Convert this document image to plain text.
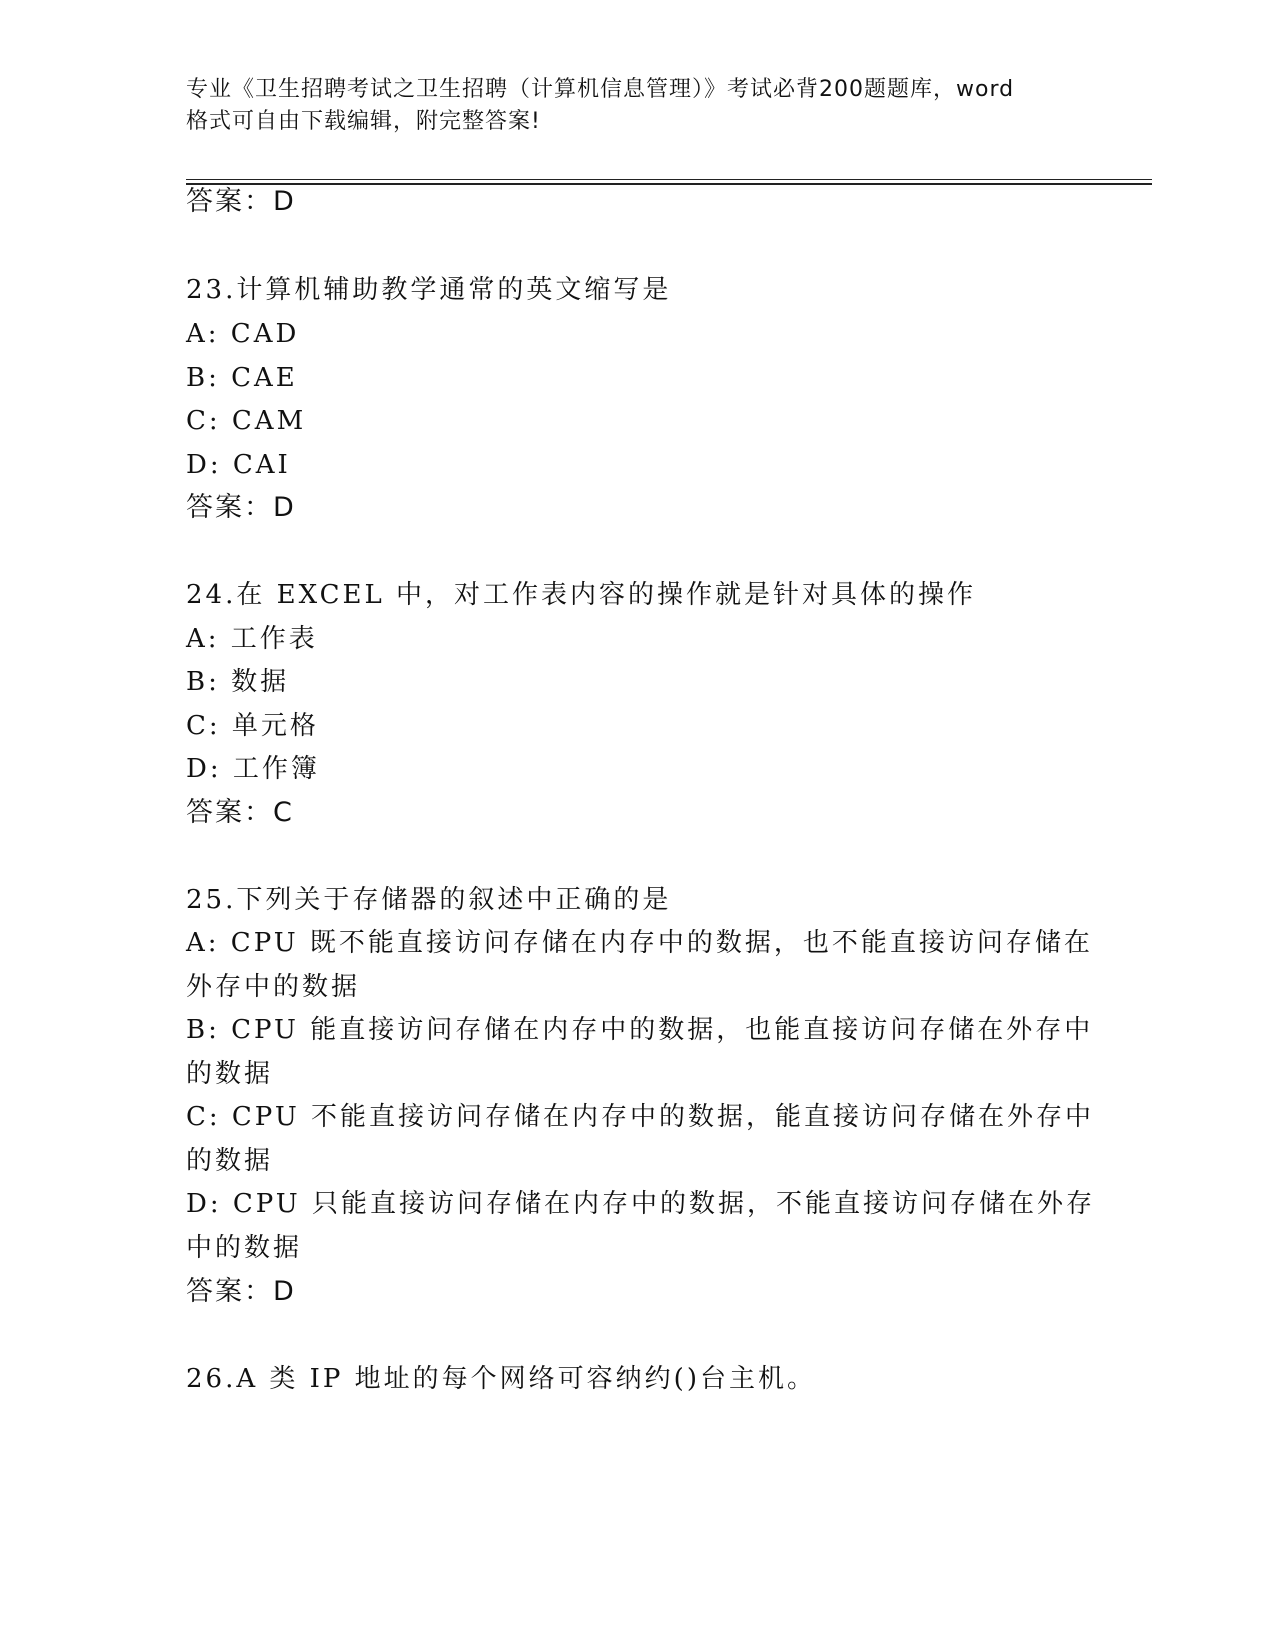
专业《卫生招聘考试之卫生招聘（计算机信息管理）》考试必背200题题库，word
格式可自由下载编辑，附完整答案!
答案：D
23.计算机辅助教学通常的英文缩写是
A: CAD
B: CAE
C: CAM
D: CAI
答案：D
24.在 EXCEL 中，对工作表内容的操作就是针对具体的操作
A: 工作表
B: 数据
C: 单元格
D: 工作簿
答案：C
25.下列关于存储器的叙述中正确的是
A: CPU 既不能直接访问存储在内存中的数据，也不能直接访问存储在
外存中的数据
B: CPU 能直接访问存储在内存中的数据，也能直接访问存储在外存中
的数据
C: CPU 不能直接访问存储在内存中的数据，能直接访问存储在外存中
的数据
D: CPU 只能直接访问存储在内存中的数据，不能直接访问存储在外存
中的数据
答案：D
26.A 类 IP 地址的每个网络可容纳约()台主机。
